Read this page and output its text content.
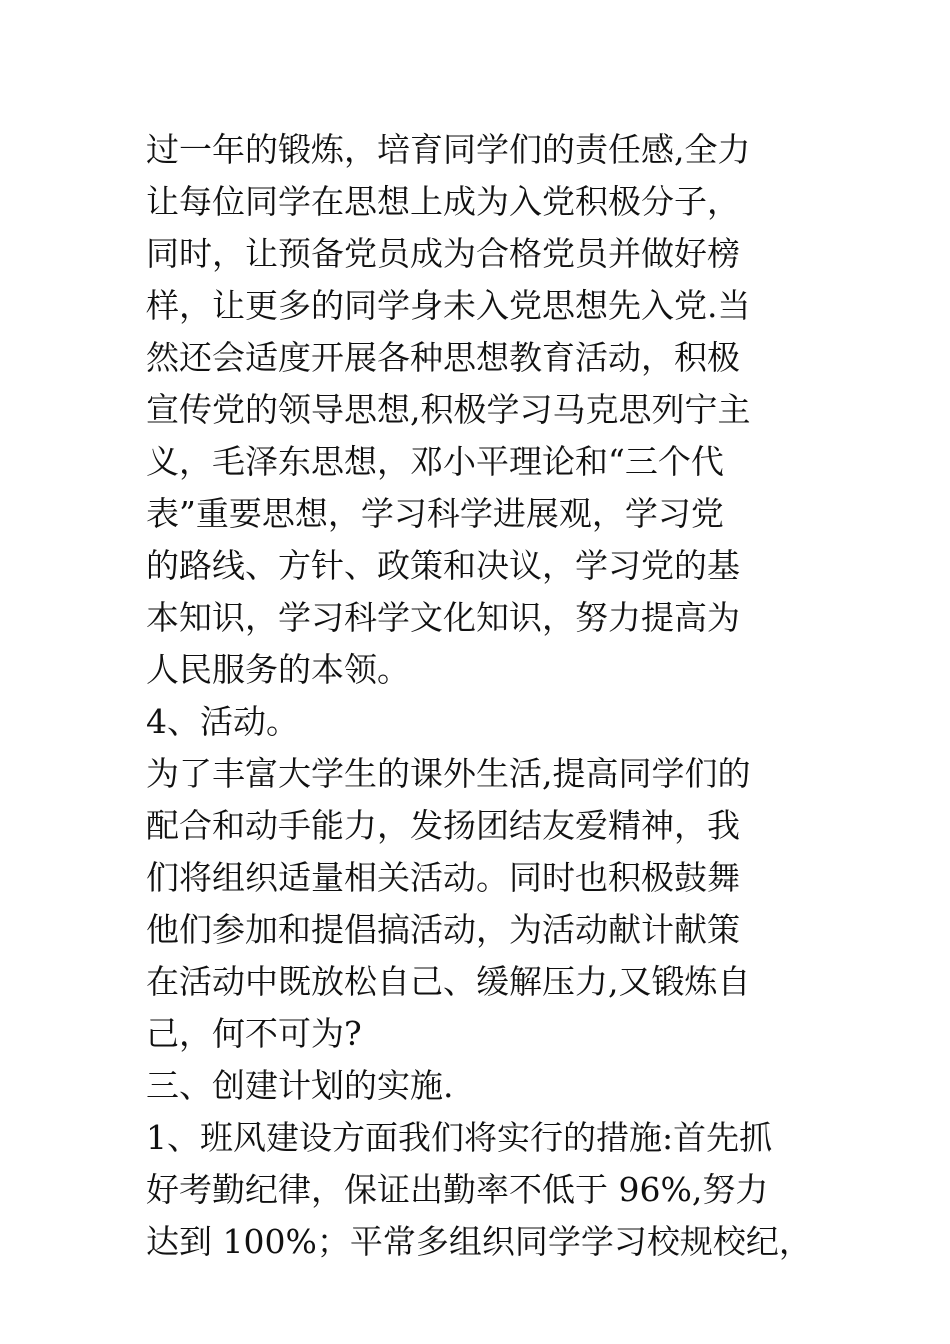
过一年的锻炼，培育同学们的责任感,全力
让每位同学在思想上成为入党积极分子，
同时，让预备党员成为合格党员并做好榜
样，让更多的同学身未入党思想先入党.当
然还会适度开展各种思想教育活动，积极
宣传党的领导思想,积极学习马克思列宁主
义，毛泽东思想，邓小平理论和“三个代
表”重要思想，学习科学进展观，学习党
的路线、方针、政策和决议，学习党的基
本知识，学习科学文化知识，努力提高为
人民服务的本领。
4、活动。
为了丰富大学生的课外生活,提高同学们的
配合和动手能力，发扬团结友爱精神，我
们将组织适量相关活动。同时也积极鼓舞
他们参加和提倡搞活动，为活动献计献策
在活动中既放松自己、缓解压力,又锻炼自
己，何不可为?
三、创建计划的实施.
1、班风建设方面我们将实行的措施:首先抓
好考勤纪律，保证出勤率不低于 96%,努力
达到 100%；平常多组织同学学习校规校纪，
